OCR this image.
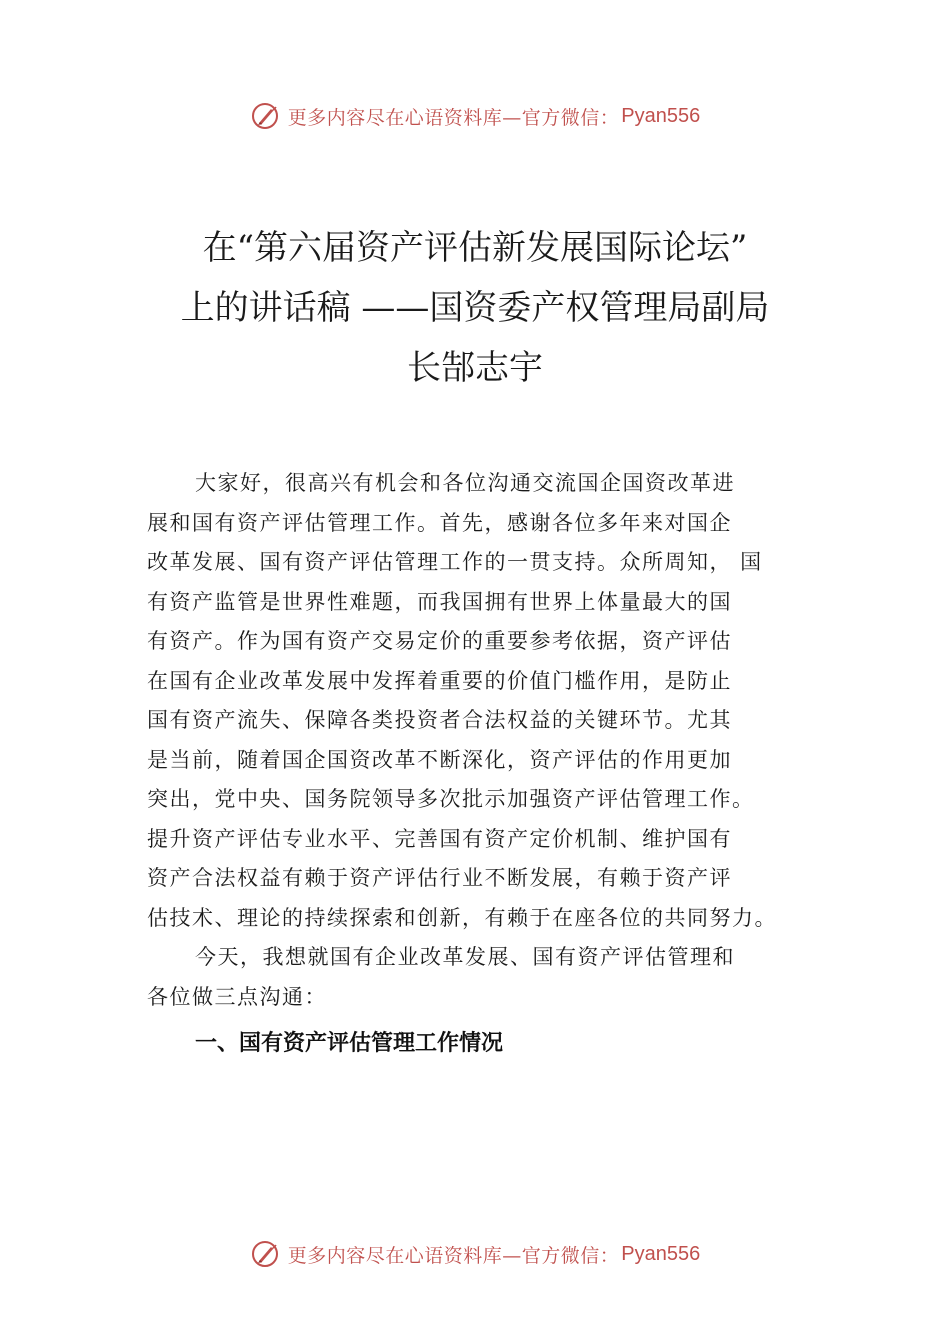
更多内容尽在心语资料库—官方微信： Pyan556
在“第六届资产评估新发展国际论坛”
上的讲话稿 ——国资委产权管理局副局
长郜志宇
大家好，很高兴有机会和各位沟通交流国企国资改革进
展和国有资产评估管理工作。首先，感谢各位多年来对国企
改革发展、国有资产评估管理工作的一贯支持。众所周知， 国
有资产监管是世界性难题，而我国拥有世界上体量最大的国
有资产。作为国有资产交易定价的重要参考依据，资产评估
在国有企业改革发展中发挥着重要的价值门槛作用，是防止
国有资产流失、保障各类投资者合法权益的关键环节。尤其
是当前，随着国企国资改革不断深化，资产评估的作用更加
突出，党中央、国务院领导多次批示加强资产评估管理工作。
提升资产评估专业水平、完善国有资产定价机制、维护国有
资产合法权益有赖于资产评估行业不断发展，有赖于资产评
估技术、理论的持续探索和创新，有赖于在座各位的共同努力。
今天，我想就国有企业改革发展、国有资产评估管理和
各位做三点沟通：
一、国有资产评估管理工作情况
更多内容尽在心语资料库—官方微信： Pyan556
